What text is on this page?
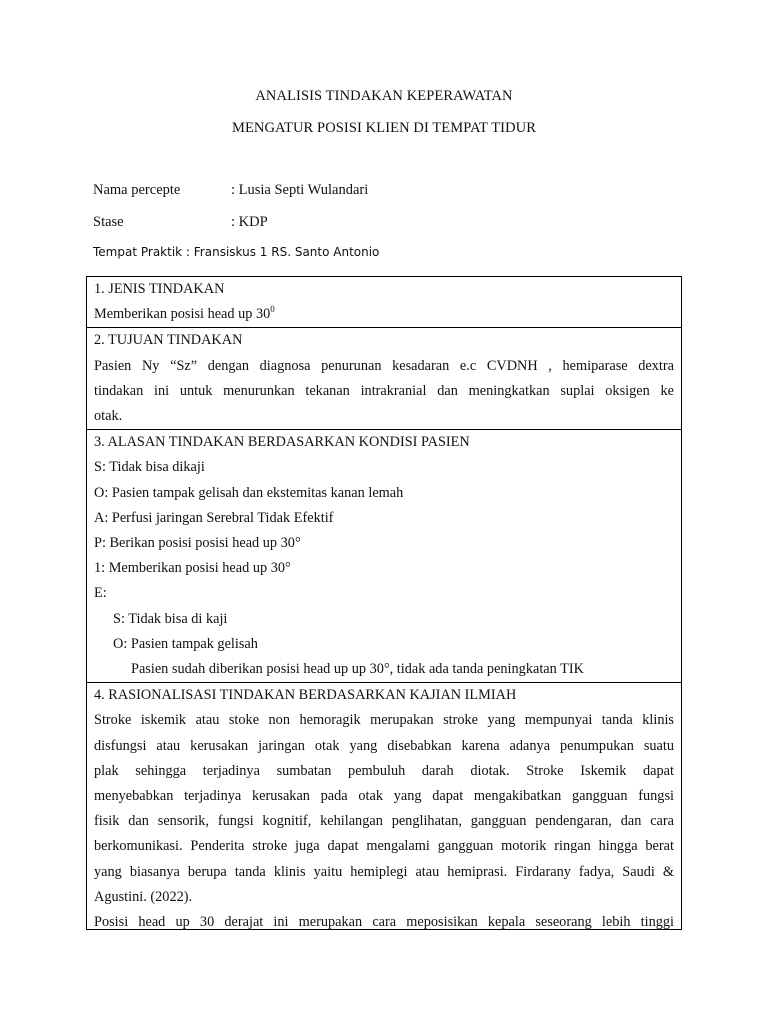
ANALISIS TINDAKAN KEPERAWATAN
MENGATUR POSISI KLIEN DI TEMPAT TIDUR
Nama percepte	: Lusia Septi Wulandari
Stase	: KDP
Tempat Praktik : Fransiskus 1 RS. Santo Antonio
1. JENIS TINDAKAN
Memberikan posisi head up $30^0$

2. TUJUAN TINDAKAN
Pasien Ny “Sz” dengan diagnosa penurunan kesadaran e.c CVDNH , hemiparase dextra
tindakan ini untuk menurunkan tekanan intrakranial dan meningkatkan suplai oksigen ke
otak.

3. ALASAN TINDAKAN BERDASARKAN KONDISI PASIEN
S: Tidak bisa dikaji
O: Pasien tampak gelisah dan ekstemitas kanan lemah
A: Perfusi jaringan Serebral Tidak Efektif
P: Berikan posisi posisi head up 30°
1: Memberikan posisi head up 30°
E:
S: Tidak bisa di kaji
O: Pasien tampak gelisah
Pasien sudah diberikan posisi head up up 30°, tidak ada tanda peningkatan TIK

4. RASIONALISASI TINDAKAN BERDASARKAN KAJIAN ILMIAH
Stroke iskemik atau stoke non hemoragik merupakan stroke yang mempunyai tanda klinis
disfungsi atau kerusakan jaringan otak yang disebabkan karena adanya penumpukan suatu
plak sehingga terjadinya sumbatan pembuluh darah diotak. Stroke Iskemik dapat
menyebabkan terjadinya kerusakan pada otak yang dapat mengakibatkan gangguan fungsi
fisik dan sensorik, fungsi kognitif, kehilangan penglihatan, gangguan pendengaran, dan cara
berkomunikasi. Penderita stroke juga dapat mengalami gangguan motorik ringan hingga berat
yang biasanya berupa tanda klinis yaitu hemiplegi atau hemiprasi. Firdarany fadya, Saudi &
Agustini. (2022).
Posisi head up 30 derajat ini merupakan cara meposisikan kepala seseorang lebih tinggi
